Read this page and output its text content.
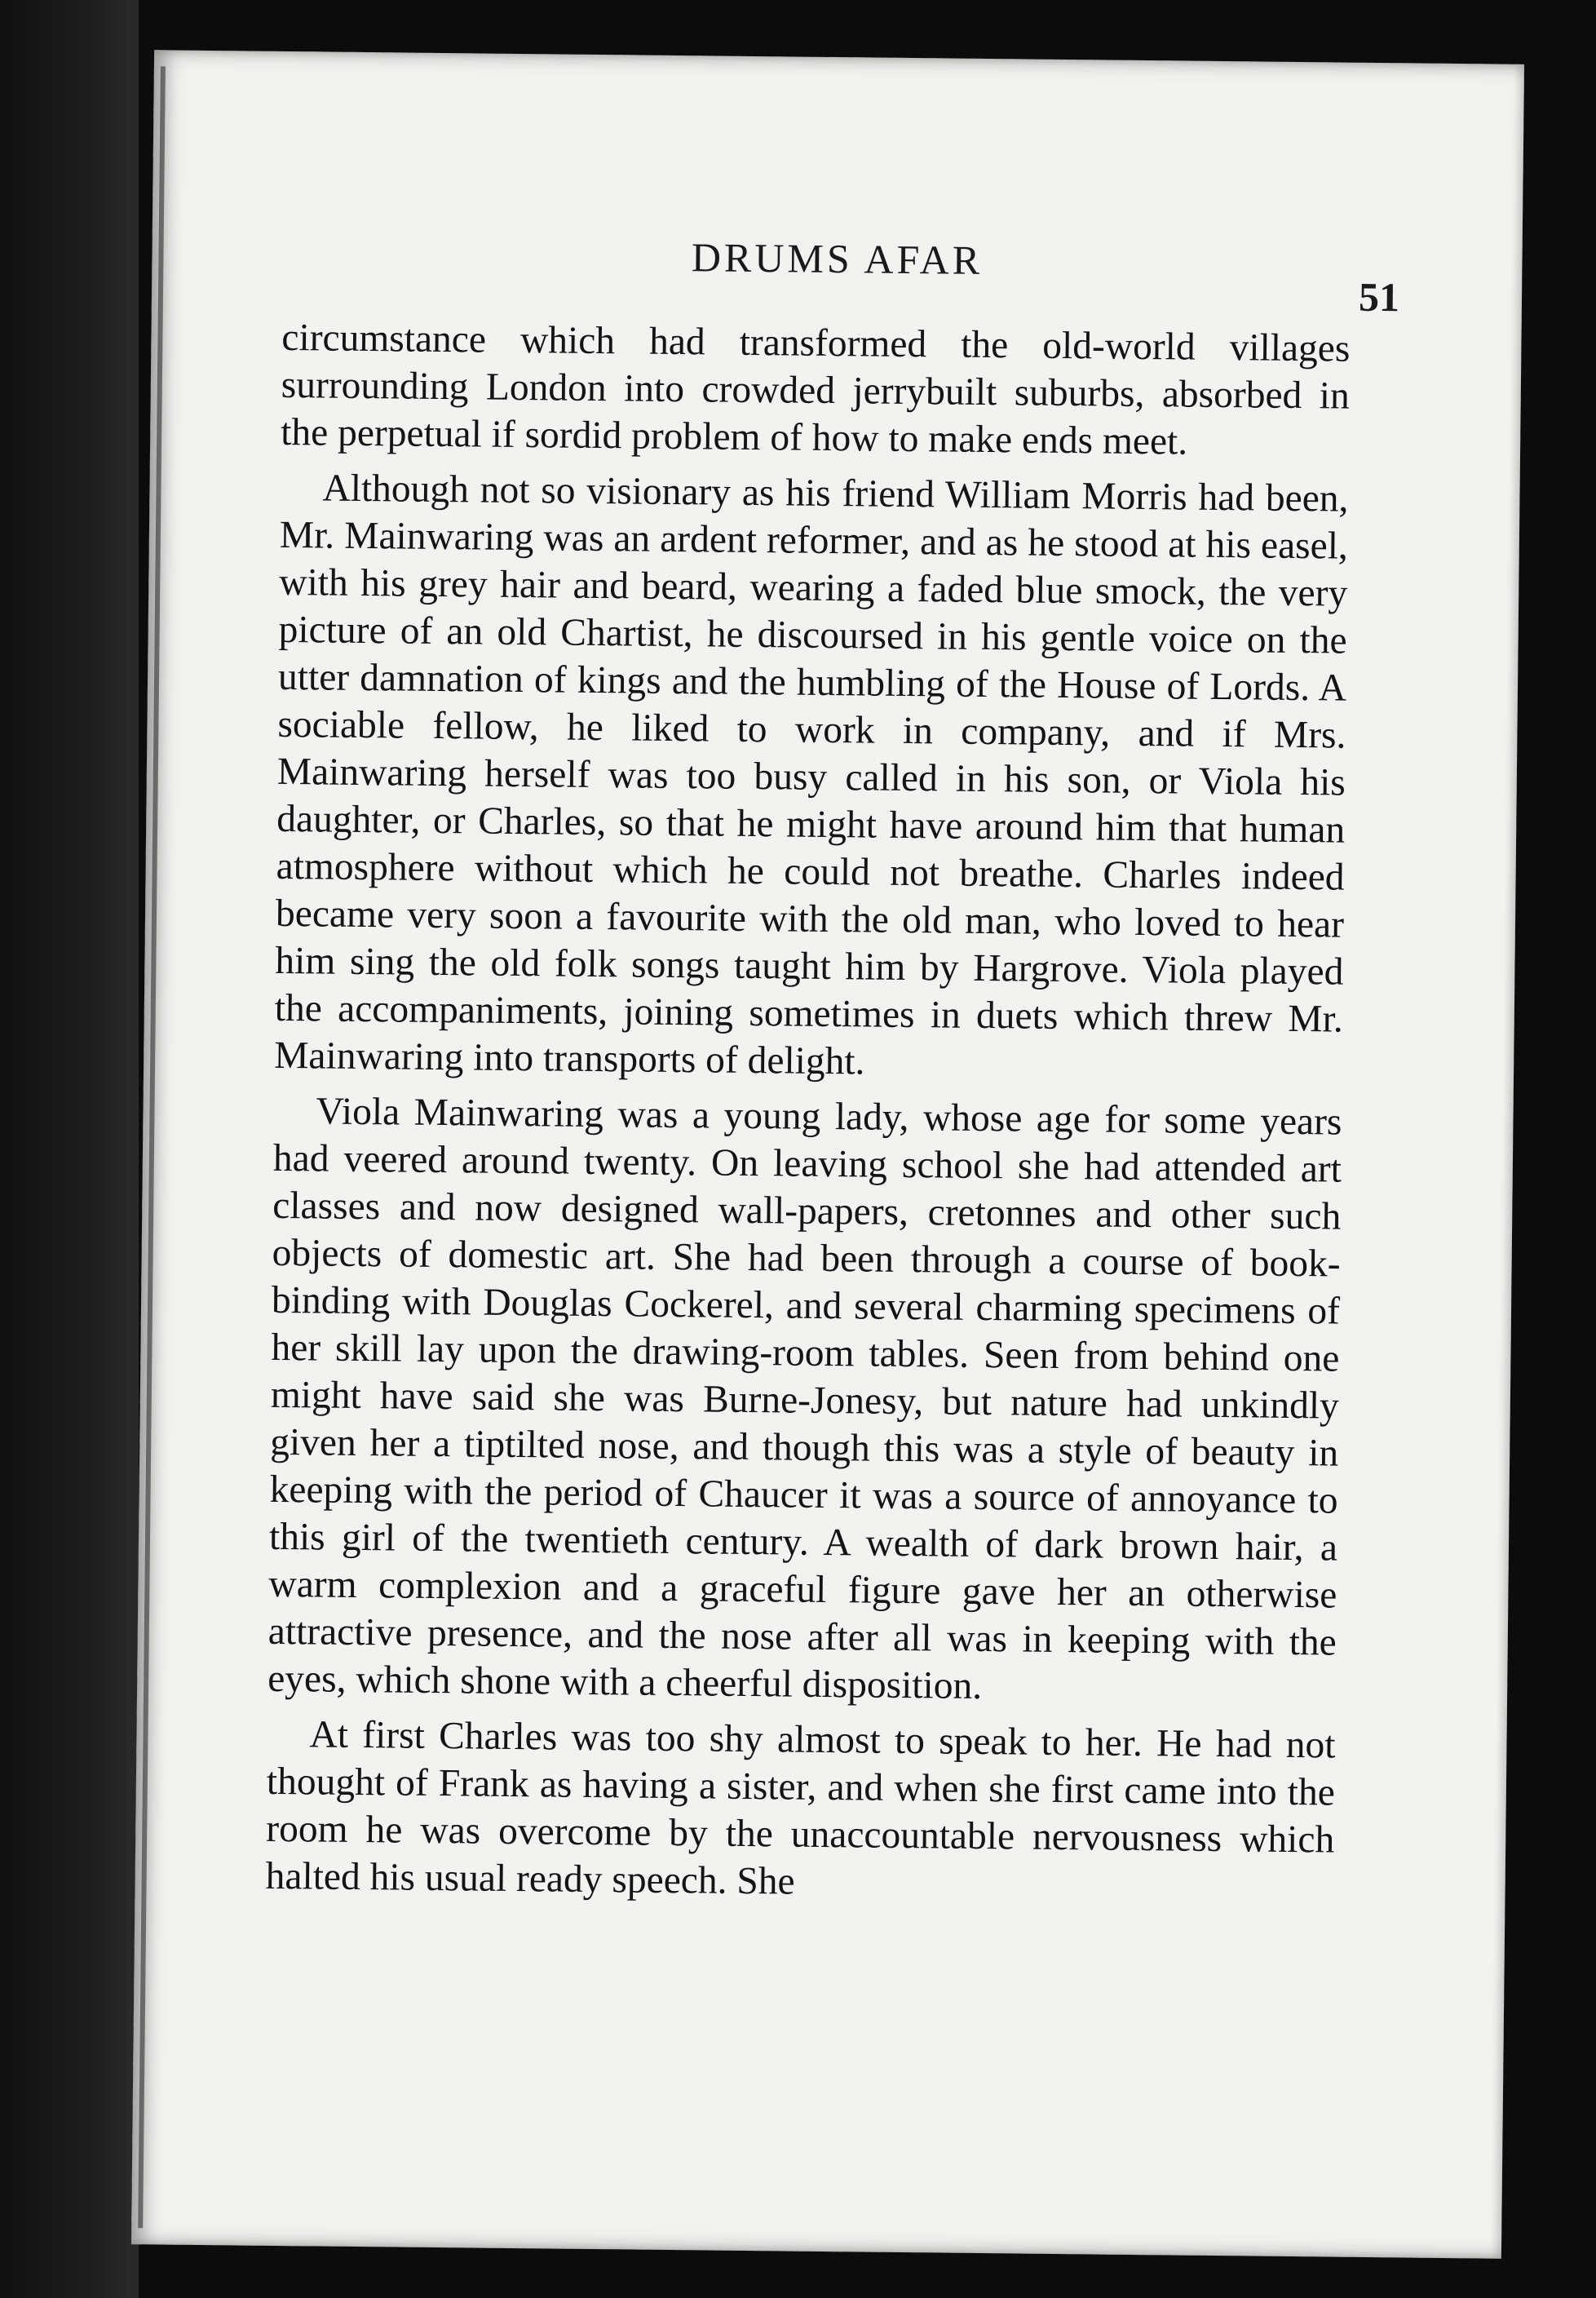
DRUMS AFAR
51

circumstance which had transformed the old-world villages surrounding London into crowded jerrybuilt suburbs, absorbed in the perpetual if sordid problem of how to make ends meet.

Although not so visionary as his friend William Morris had been, Mr. Mainwaring was an ardent reformer, and as he stood at his easel, with his grey hair and beard, wearing a faded blue smock, the very picture of an old Chartist, he discoursed in his gentle voice on the utter damnation of kings and the humbling of the House of Lords. A sociable fellow, he liked to work in company, and if Mrs. Mainwaring herself was too busy called in his son, or Viola his daughter, or Charles, so that he might have around him that human atmosphere without which he could not breathe. Charles indeed became very soon a favourite with the old man, who loved to hear him sing the old folk songs taught him by Hargrove. Viola played the accompaniments, joining sometimes in duets which threw Mr. Mainwaring into transports of delight.

Viola Mainwaring was a young lady, whose age for some years had veered around twenty. On leaving school she had attended art classes and now designed wall-papers, cretonnes and other such objects of domestic art. She had been through a course of book-binding with Douglas Cockerel, and several charming specimens of her skill lay upon the drawing-room tables. Seen from behind one might have said she was Burne-Jonesy, but nature had unkindly given her a tiptilted nose, and though this was a style of beauty in keeping with the period of Chaucer it was a source of annoyance to this girl of the twentieth century. A wealth of dark brown hair, a warm complexion and a graceful figure gave her an otherwise attractive presence, and the nose after all was in keeping with the eyes, which shone with a cheerful disposition.

At first Charles was too shy almost to speak to her. He had not thought of Frank as having a sister, and when she first came into the room he was overcome by the unaccountable nervousness which halted his usual ready speech. She
